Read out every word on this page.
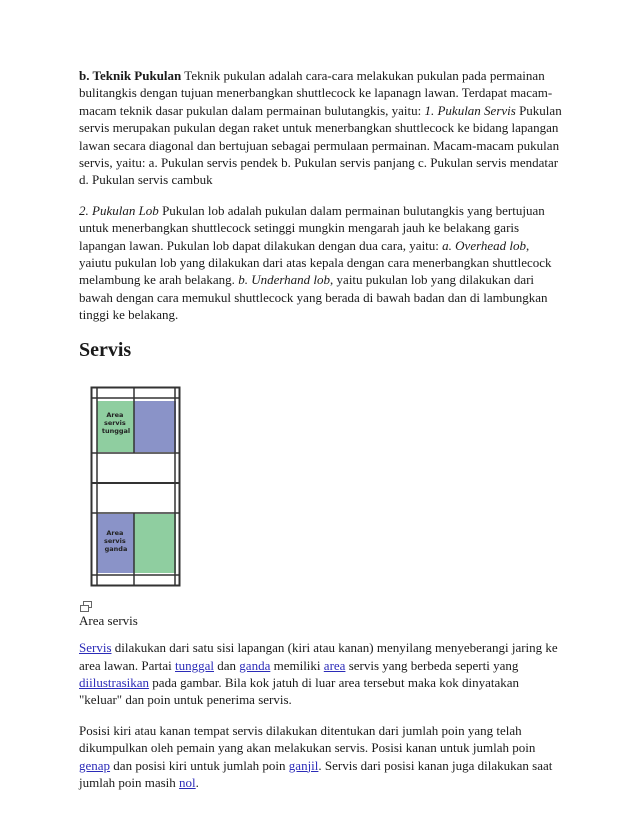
b. Teknik Pukulan Teknik pukulan adalah cara-cara melakukan pukulan pada permainan bulitangkis dengan tujuan menerbangkan shuttlecock ke lapanagn lawan. Terdapat macam-macam teknik dasar pukulan dalam permainan bulutangkis, yaitu: 1. Pukulan Servis Pukulan servis merupakan pukulan degan raket untuk menerbangkan shuttlecock ke bidang lapangan lawan secara diagonal dan bertujuan sebagai permulaan permainan. Macam-macam pukulan servis, yaitu: a. Pukulan servis pendek b. Pukulan servis panjang c. Pukulan servis mendatar d. Pukulan servis cambuk

2. Pukulan Lob Pukulan lob adalah pukulan dalam permainan bulutangkis yang bertujuan untuk menerbangkan shuttlecock setinggi mungkin mengarah jauh ke belakang garis lapangan lawan. Pukulan lob dapat dilakukan dengan dua cara, yaitu: a. Overhead lob, yaiutu pukulan lob yang dilakukan dari atas kepala dengan cara menerbangkan shuttlecock melambung ke arah belakang. b. Underhand lob, yaitu pukulan lob yang dilakukan dari bawah dengan cara memukul shuttlecock yang berada di bawah badan dan di lambungkan tinggi ke belakang.

Servis
Area servis tunggal
Area servis ganda

Area servis

Servis dilakukan dari satu sisi lapangan (kiri atau kanan) menyilang menyeberangi jaring ke area lawan. Partai tunggal dan ganda memiliki area servis yang berbeda seperti yang diilustrasikan pada gambar. Bila kok jatuh di luar area tersebut maka kok dinyatakan "keluar" dan poin untuk penerima servis.

Posisi kiri atau kanan tempat servis dilakukan ditentukan dari jumlah poin yang telah dikumpulkan oleh pemain yang akan melakukan servis. Posisi kanan untuk jumlah poin genap dan posisi kiri untuk jumlah poin ganjil. Servis dari posisi kanan juga dilakukan saat jumlah poin masih nol.
